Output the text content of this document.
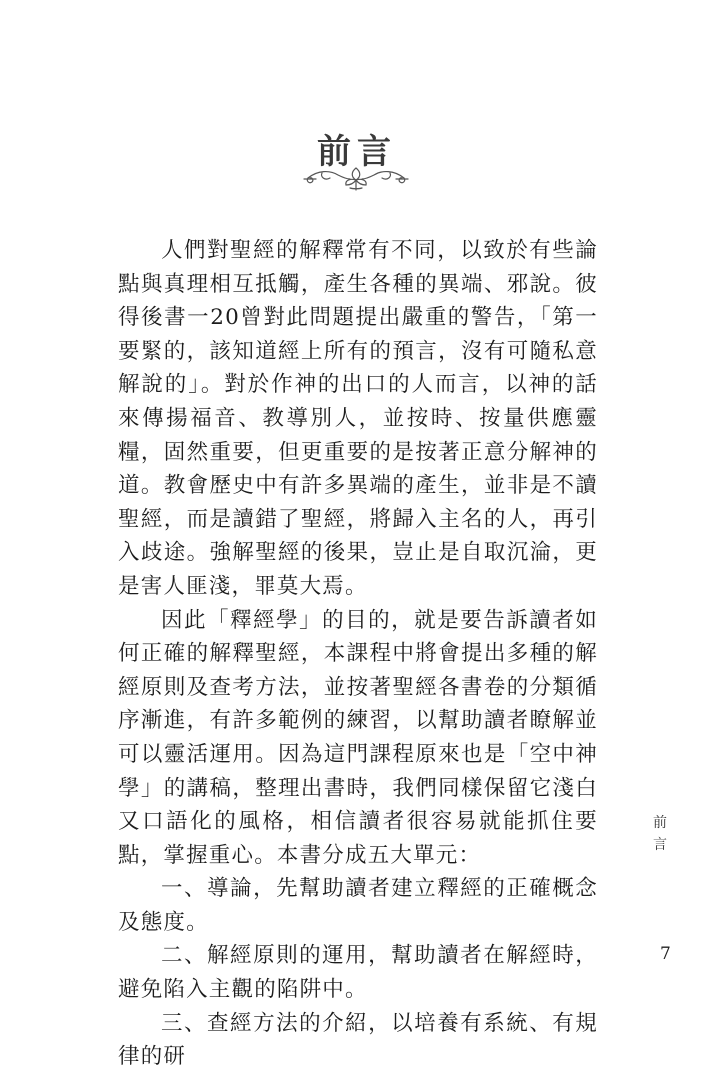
前言

人們對聖經的解釋常有不同，以致於有些論點與真理相互抵觸，產生各種的異端、邪說。彼得後書一20曾對此問題提出嚴重的警告，「第一要緊的，該知道經上所有的預言，沒有可隨私意解說的」。對於作神的出口的人而言，以神的話來傳揚福音、教導別人，並按時、按量供應靈糧，固然重要，但更重要的是按著正意分解神的道。教會歷史中有許多異端的產生，並非是不讀聖經，而是讀錯了聖經，將歸入主名的人，再引入歧途。強解聖經的後果，豈止是自取沉淪，更是害人匪淺，罪莫大焉。

因此「釋經學」的目的，就是要告訴讀者如何正確的解釋聖經，本課程中將會提出多種的解經原則及查考方法，並按著聖經各書卷的分類循序漸進，有許多範例的練習，以幫助讀者瞭解並可以靈活運用。因為這門課程原來也是「空中神學」的講稿，整理出書時，我們同樣保留它淺白又口語化的風格，相信讀者很容易就能抓住要點，掌握重心。本書分成五大單元：

一、導論，先幫助讀者建立釋經的正確概念及態度。

二、解經原則的運用，幫助讀者在解經時，避免陷入主觀的陷阱中。

三、查經方法的介紹，以培養有系統、有規律的研

前
言
7
